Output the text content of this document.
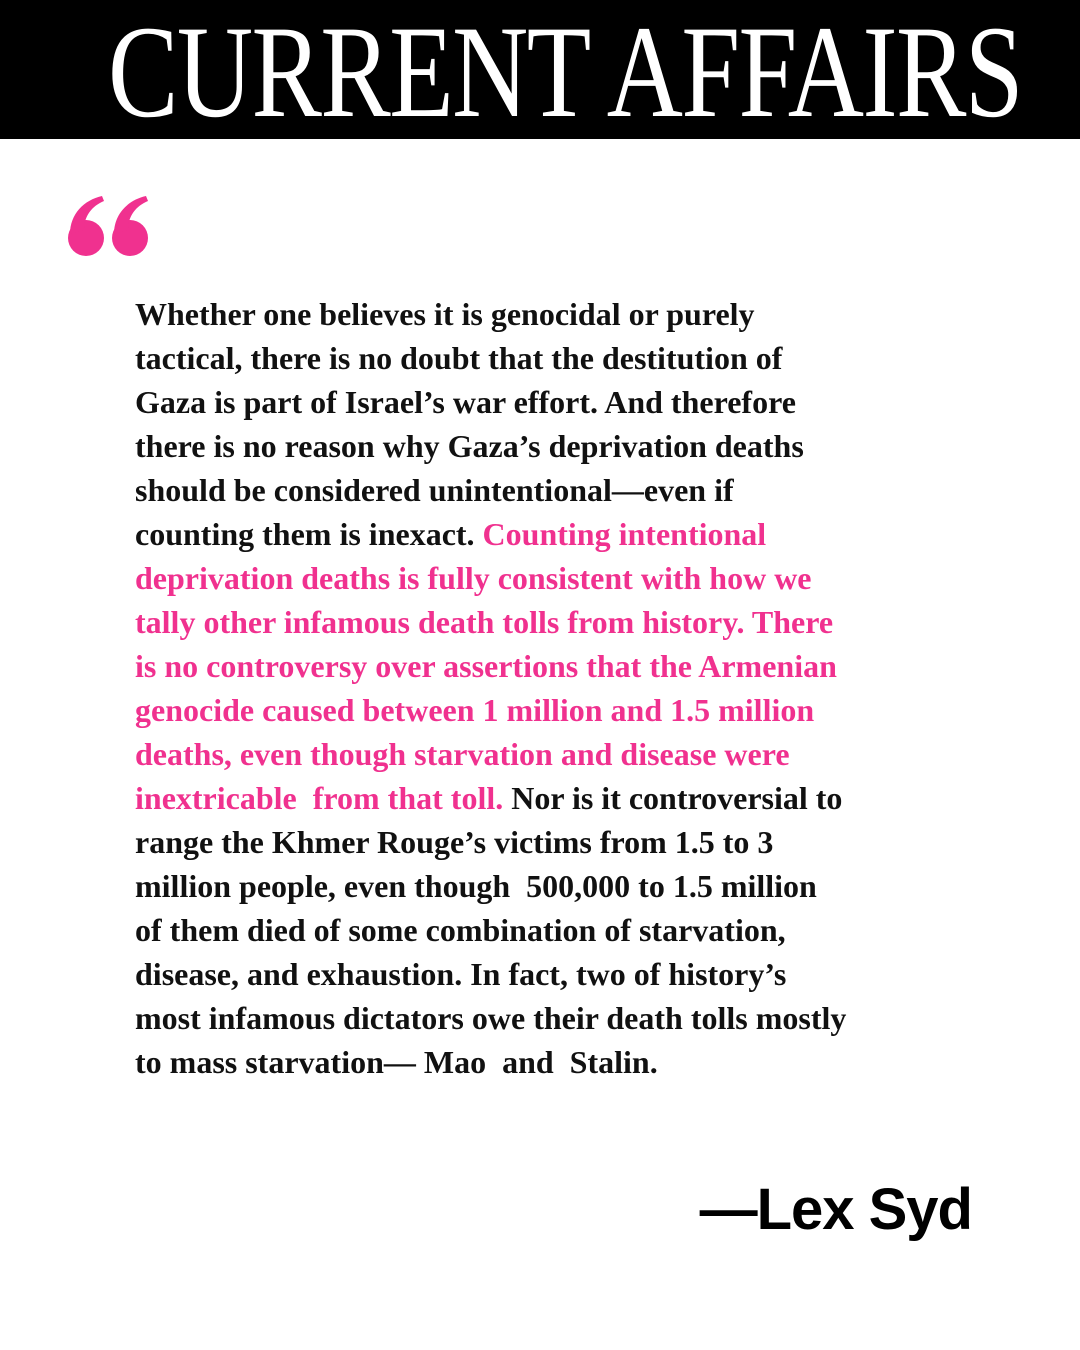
CURRENT AFFAIRS
Whether one believes it is genocidal or purely
tactical, there is no doubt that the destitution of
Gaza is part of Israel’s war effort. And therefore
there is no reason why Gaza’s deprivation deaths
should be considered unintentional—even if
counting them is inexact. Counting intentional
deprivation deaths is fully consistent with how we
tally other infamous death tolls from history. There
is no controversy over assertions that the Armenian
genocide caused between 1 million and 1.5 million
deaths, even though starvation and disease were
inextricable  from that toll. Nor is it controversial to
range the Khmer Rouge’s victims from 1.5 to 3
million people, even though  500,000 to 1.5 million
of them died of some combination of starvation,
disease, and exhaustion. In fact, two of history’s
most infamous dictators owe their death tolls mostly
to mass starvation— Mao  and  Stalin.
—Lex Syd
